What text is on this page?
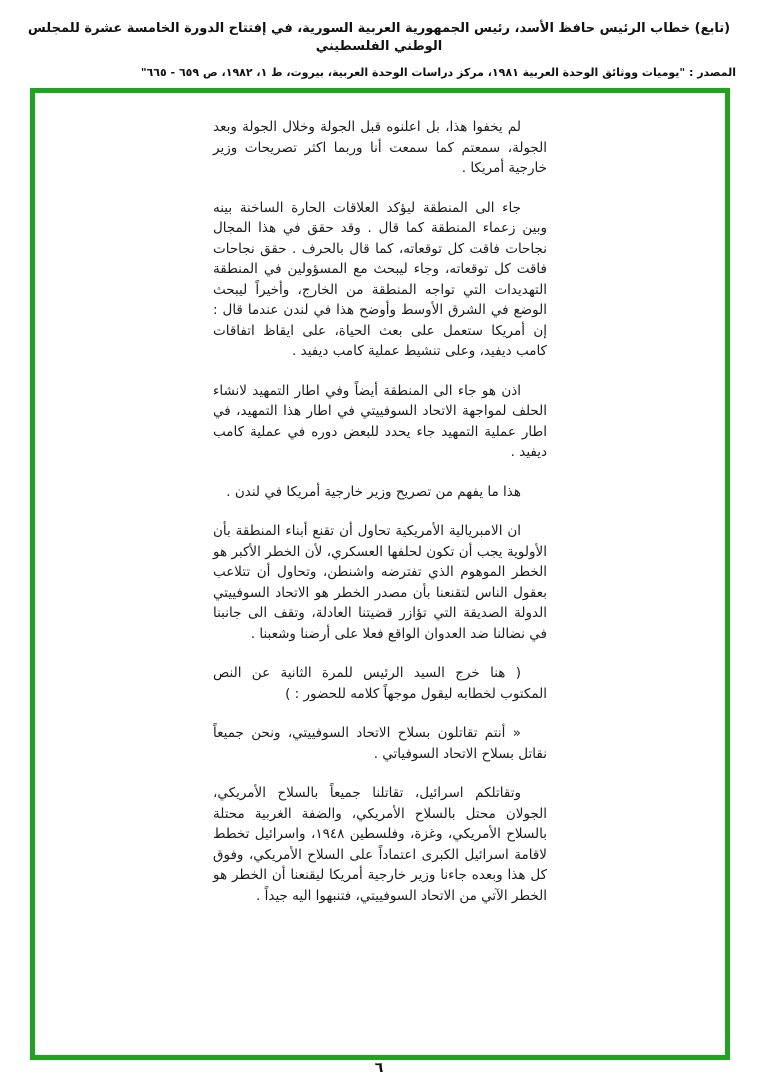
(تابع) خطاب الرئيس حافظ الأسد، رئيس الجمهورية العربية السورية، في إفتتاح الدورة الخامسة عشرة للمجلس الوطني الفلسطيني
المصدر : "يوميات ووثائق الوحدة العربية ١٩٨١، مركز دراسات الوحدة العربية، بيروت، ط ١، ١٩٨٢، ص ٦٥٩ - ٦٦٥"

لم يخفوا هذا، بل اعلنوه قبل الجولة وخلال الجولة وبعد الجولة، سمعتم كما سمعت أنا وربما اكثر تصريحات وزير خارجية أمريكا .

جاء الى المنطقة ليؤكد العلاقات الحارة الساخنة بينه وبين زعماء المنطقة كما قال . وقد حقق في هذا المجال نجاحات فاقت كل توقعاته، كما قال بالحرف . حقق نجاحات فاقت كل توقعاته، وجاء ليبحث مع المسؤولين في المنطقة التهديدات التي تواجه المنطقة من الخارج، وأخيراً ليبحث الوضع في الشرق الأوسط وأوضح هذا في لندن عندما قال : إن أمريكا ستعمل على بعث الحياة، على ايقاظ اتفاقات كامب ديفيد، وعلى تنشيط عملية كامب ديفيد .

اذن هو جاء الى المنطقة أيضاً وفي اطار التمهيد لانشاء الحلف لمواجهة الاتحاد السوفييتي في اطار هذا التمهيد، في اطار عملية التمهيد جاء يحدد للبعض دوره في عملية كامب ديفيد .

هذا ما يفهم من تصريح وزير خارجية أمريكا في لندن .

ان الامبريالية الأمريكية تحاول أن تقنع أبناء المنطقة بأن الأولوية يجب أن تكون لحلفها العسكري، لأن الخطر الأكبر هو الخطر الموهوم الذي تفترضه واشنطن، وتحاول أن تتلاعب بعقول الناس لتقنعنا بأن مصدر الخطر هو الاتحاد السوفييتي الدولة الصديقة التي تؤازر قضيتنا العادلة، وتقف الى جانبنا في نضالنا ضد العدوان الواقع فعلا على أرضنا وشعبنا .

( هنا خرج السيد الرئيس للمرة الثانية عن النص المكتوب لخطابه ليقول موجهاً كلامه للحضور : )

« أنتم تقاتلون بسلاح الاتحاد السوفييتي، ونحن جميعاً نقاتل بسلاح الاتحاد السوفياتي .

وتقاتلكم اسرائيل، تقاتلنا جميعاً بالسلاح الأمريكي، الجولان محتل بالسلاح الأمريكي، والضفة الغربية محتلة بالسلاح الأمريكي، وغزة، وفلسطين ١٩٤٨، واسرائيل تخطط لاقامة اسرائيل الكبرى اعتماداً على السلاح الأمريكي، وفوق كل هذا وبعده جاءنا وزير خارجية أمريكا ليقنعنا أن الخطر هو الخطر الآتي من الاتحاد السوفييتي، فتنبهوا اليه جيداً .

٦
